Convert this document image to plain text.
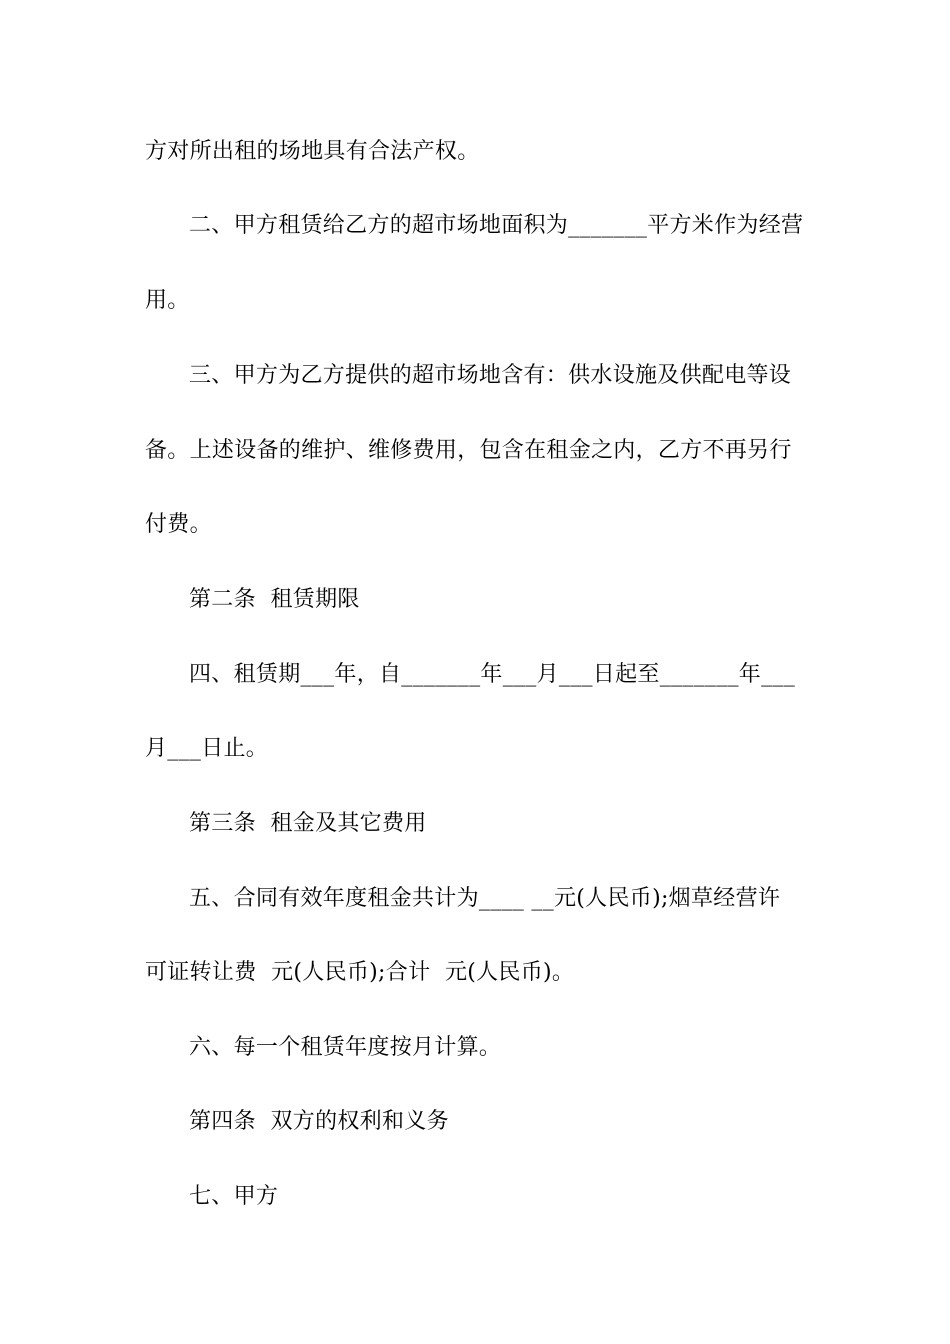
方对所出租的场地具有合法产权。
二、甲方租赁给乙方的超市场地面积为_______平方米作为经营
用。
三、甲方为乙方提供的超市场地含有：供水设施及供配电等设
备。上述设备的维护、维修费用，包含在租金之内，乙方不再另行
付费。
第二条  租赁期限
四、租赁期___年，自_______年___月___日起至_______年___
月___日止。
第三条  租金及其它费用
五、合同有效年度租金共计为____ __元(人民币);烟草经营许
可证转让费  元(人民币);合计  元(人民币)。
六、每一个租赁年度按月计算。
第四条  双方的权利和义务
七、甲方
